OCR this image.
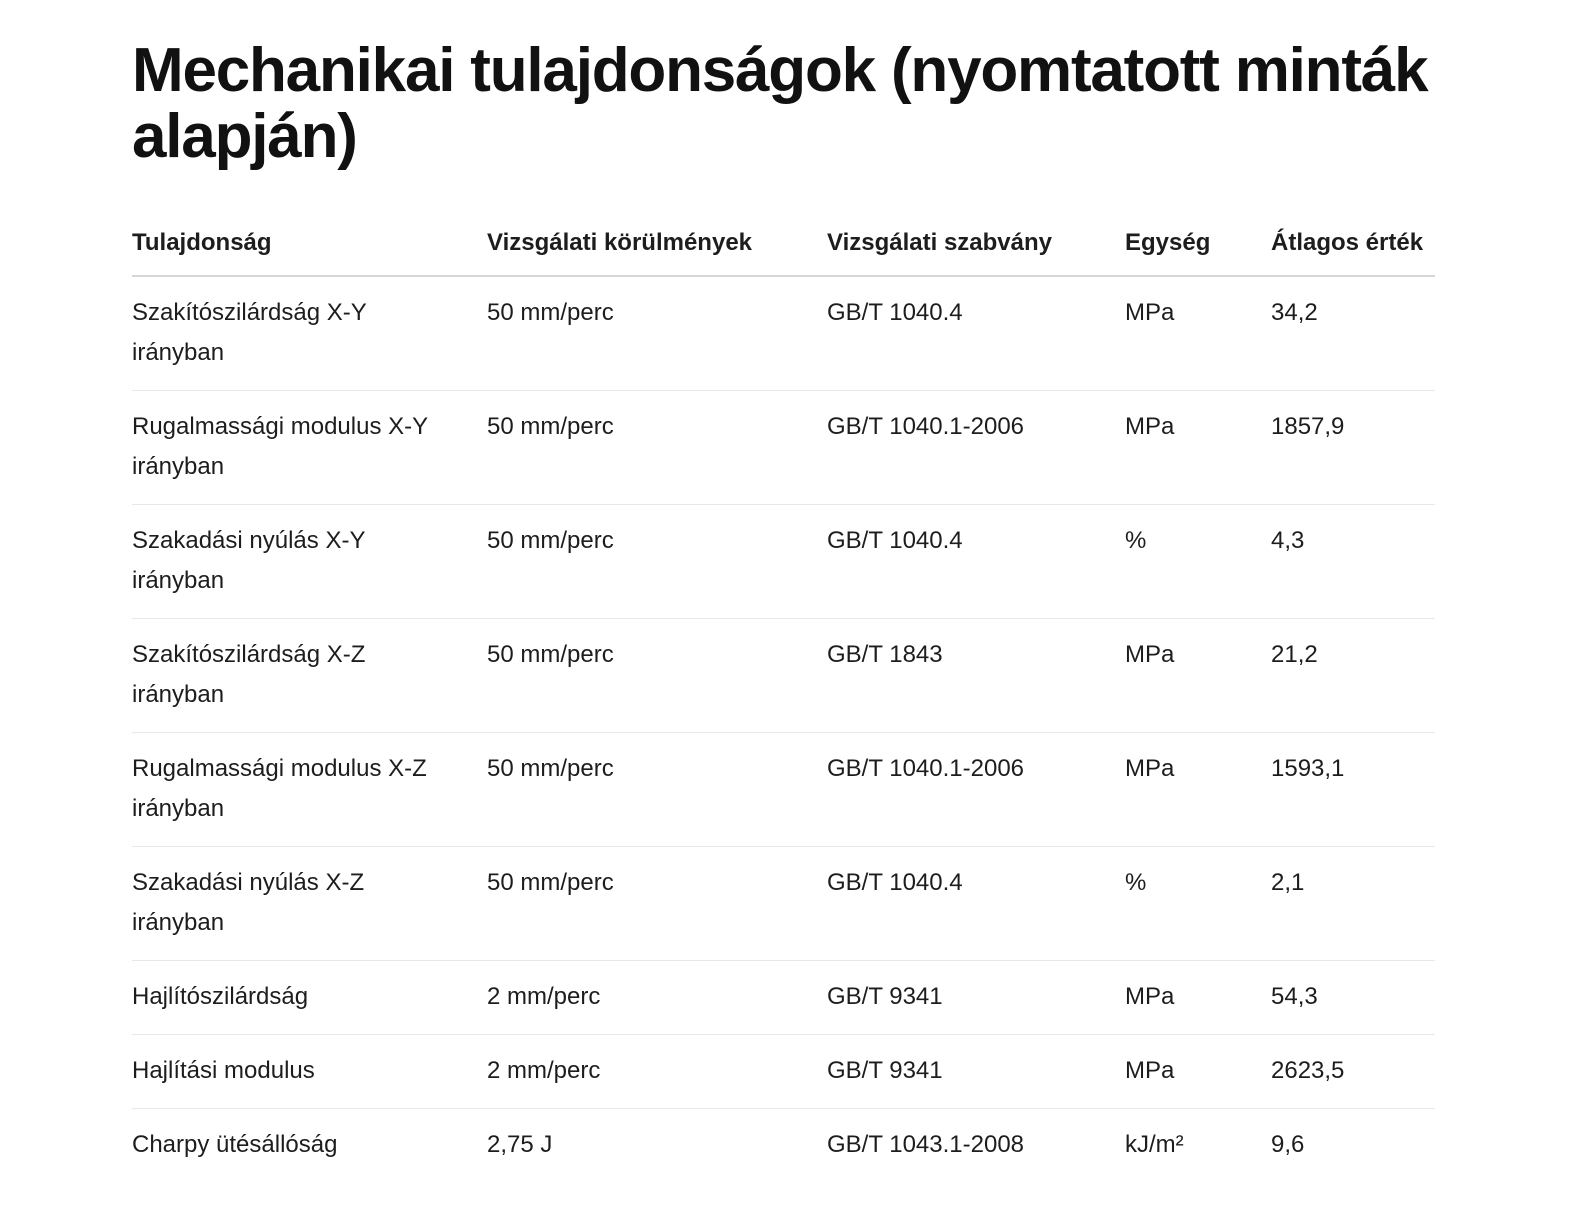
Mechanikai tulajdonságok (nyomtatott minták alapján)
Tulajdonság	Vizsgálati körülmények	Vizsgálati szabvány	Egység	Átlagos érték
Szakítószilárdság X-Y irányban	50 mm/perc	GB/T 1040.4	MPa	34,2
Rugalmassági modulus X-Y irányban	50 mm/perc	GB/T 1040.1-2006	MPa	1857,9
Szakadási nyúlás X-Y irányban	50 mm/perc	GB/T 1040.4	%	4,3
Szakítószilárdság X-Z irányban	50 mm/perc	GB/T 1843	MPa	21,2
Rugalmassági modulus X-Z irányban	50 mm/perc	GB/T 1040.1-2006	MPa	1593,1
Szakadási nyúlás X-Z irányban	50 mm/perc	GB/T 1040.4	%	2,1
Hajlítószilárdság	2 mm/perc	GB/T 9341	MPa	54,3
Hajlítási modulus	2 mm/perc	GB/T 9341	MPa	2623,5
Charpy ütésállóság	2,75 J	GB/T 1043.1-2008	kJ/m²	9,6
